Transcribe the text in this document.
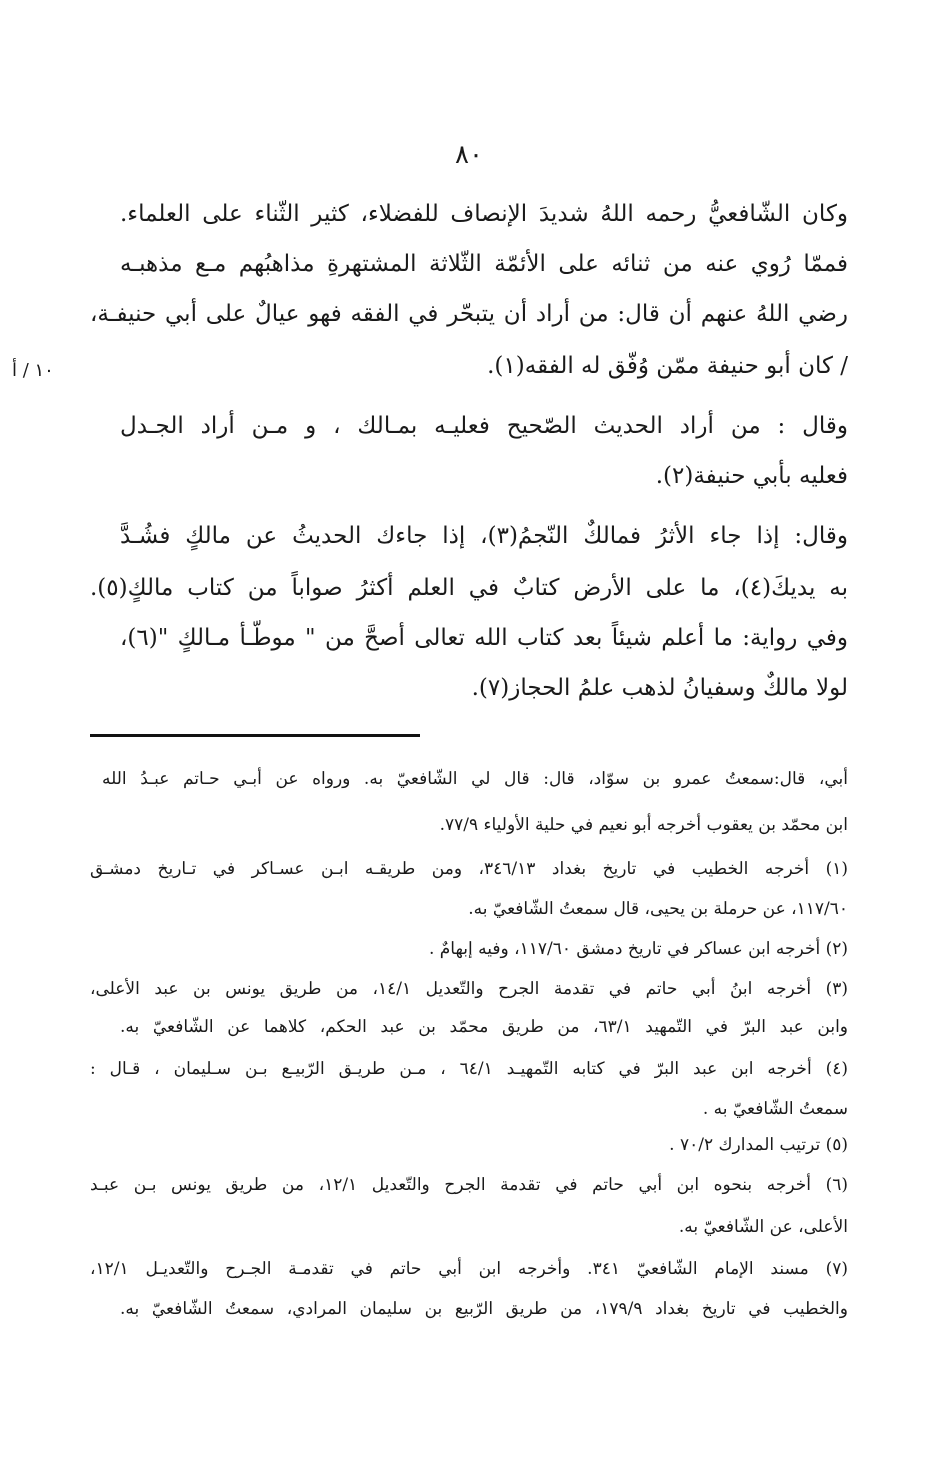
٨٠
وكان الشّافعيُّ رحمه اللهُ شديدَ الإنصاف للفضلاء، كثير الثّناء على العلماء.
فممّا رُوي عنه من ثنائه على الأئمّة الثّلاثة المشتهرةِ مذاهبُهم مـع مذهبـه
رضي اللهُ عنهم أن قال: من أراد أن يتبحّر في الفقه فهو عيالٌ على أبي حنيفـة،
/ كان أبو حنيفة ممّن وُفّق له الفقه(١).
وقال : من أراد الحديث الصّحيح فعليـه بمـالك ، و مـن أراد الجـدل
فعليه بأبي حنيفة(٢).
وقال: إذا جاء الأثرُ فمالكٌ النّجمُ(٣)، إذا جاءك الحديثُ عن مالكٍ فشُـدَّ
به يديكَ(٤)، ما على الأرض كتابٌ في العلم أكثرُ صواباً من كتاب مالكٍ(٥).
وفي رواية: ما أعلم شيئاً بعد كتاب الله تعالى أصحَّ من " موطّـأ مـالكٍ "(٦)،
لولا مالكٌ وسفيانُ لذهب علمُ الحجاز(٧).
١٠ / أ
أبي، قال:سمعتُ عمرو بن سوّاد، قال: قال لي الشّافعيّ به. ورواه عن أبـي حـاتم عبـدُ الله
ابن محمّد بن يعقوب أخرجه أبو نعيم في حلية الأولياء ٧٧/٩.
(١) أخرجه الخطيب في تاريخ بغداد ٣٤٦/١٣، ومن طريقـه ابـن عسـاكر في تـاريخ دمشـق
١١٧/٦٠، عن حرملة بن يحيى، قال سمعتُ الشّافعيّ به.
(٢) أخرجه ابن عساكر في تاريخ دمشق ١١٧/٦٠، وفيه إبهامٌ .
(٣) أخرجه ابنُ أبي حاتم في تقدمة الجرح والتّعديل ١٤/١، من طريق يونس بن عبد الأعلى،
وابن عبد البرّ في التّمهيد ٦٣/١، من طريق محمّد بن عبد الحكم، كلاهما عن الشّافعيّ به.
(٤) أخرجه ابن عبد البرّ في كتابه التّمهيـد ٦٤/١ ، مـن طريـق الرّبيـع بـن سـليمان ، قـال :
سمعتُ الشّافعيّ به .
(٥) ترتيب المدارك ٧٠/٢ .
(٦) أخرجه بنحوه ابن أبي حاتم في تقدمة الجرح والتّعديل ١٢/١، من طريق يونس بـن عبـد
الأعلى، عن الشّافعيّ به.
(٧) مسند الإمام الشّافعيّ ٣٤١. وأخرجه ابن أبي حاتم في تقدمـة الجـرح والتّعديـل ١٢/١،
والخطيب في تاريخ بغداد ١٧٩/٩، من طريق الرّبيع بن سليمان المرادي، سمعتُ الشّافعيّ به.
